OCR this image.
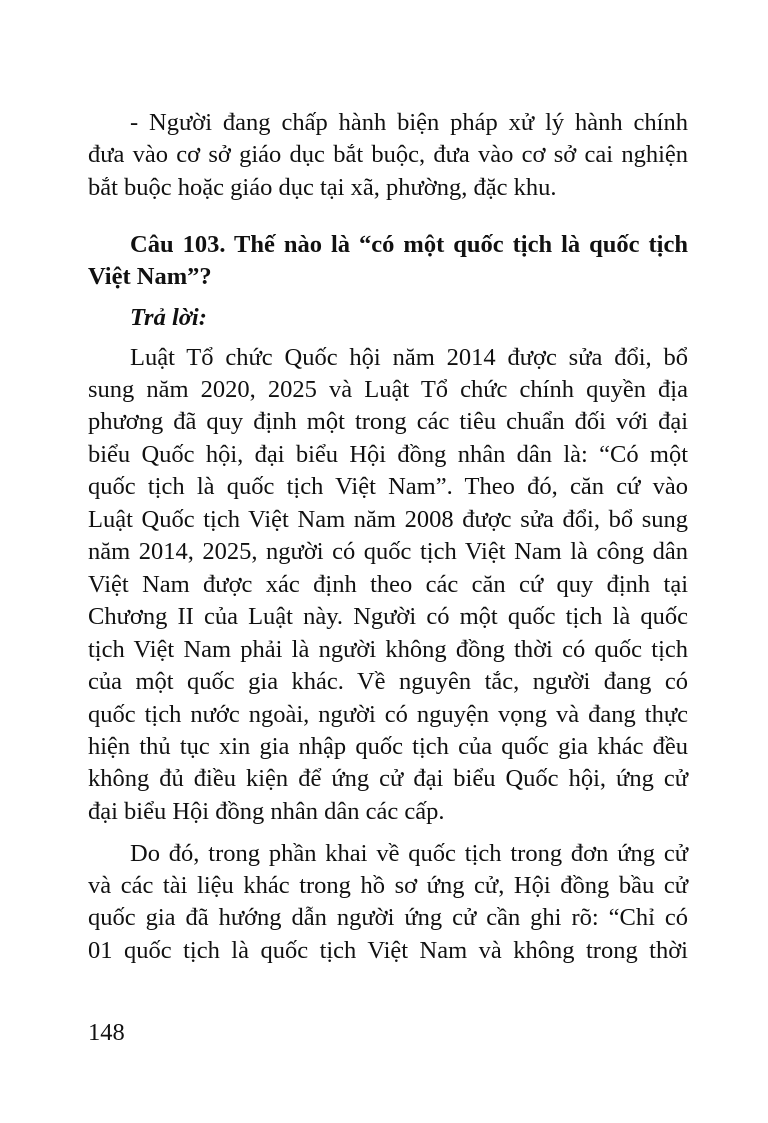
- Người đang chấp hành biện pháp xử lý hành chính
đưa vào cơ sở giáo dục bắt buộc, đưa vào cơ sở cai nghiện
bắt buộc hoặc giáo dục tại xã, phường, đặc khu.
Câu 103. Thế nào là “có một quốc tịch là quốc tịch
Việt Nam”?
Trả lời:
Luật Tổ chức Quốc hội năm 2014 được sửa đổi, bổ
sung năm 2020, 2025 và Luật Tổ chức chính quyền địa
phương đã quy định một trong các tiêu chuẩn đối với đại
biểu Quốc hội, đại biểu Hội đồng nhân dân là: “Có một
quốc tịch là quốc tịch Việt Nam”. Theo đó, căn cứ vào
Luật Quốc tịch Việt Nam năm 2008 được sửa đổi, bổ sung
năm 2014, 2025, người có quốc tịch Việt Nam là công dân
Việt Nam được xác định theo các căn cứ quy định tại
Chương II của Luật này. Người có một quốc tịch là quốc
tịch Việt Nam phải là người không đồng thời có quốc tịch
của một quốc gia khác. Về nguyên tắc, người đang có
quốc tịch nước ngoài, người có nguyện vọng và đang thực
hiện thủ tục xin gia nhập quốc tịch của quốc gia khác đều
không đủ điều kiện để ứng cử đại biểu Quốc hội, ứng cử
đại biểu Hội đồng nhân dân các cấp.
Do đó, trong phần khai về quốc tịch trong đơn ứng cử
và các tài liệu khác trong hồ sơ ứng cử, Hội đồng bầu cử
quốc gia đã hướng dẫn người ứng cử cần ghi rõ: “Chỉ có
01 quốc tịch là quốc tịch Việt Nam và không trong thời
148
